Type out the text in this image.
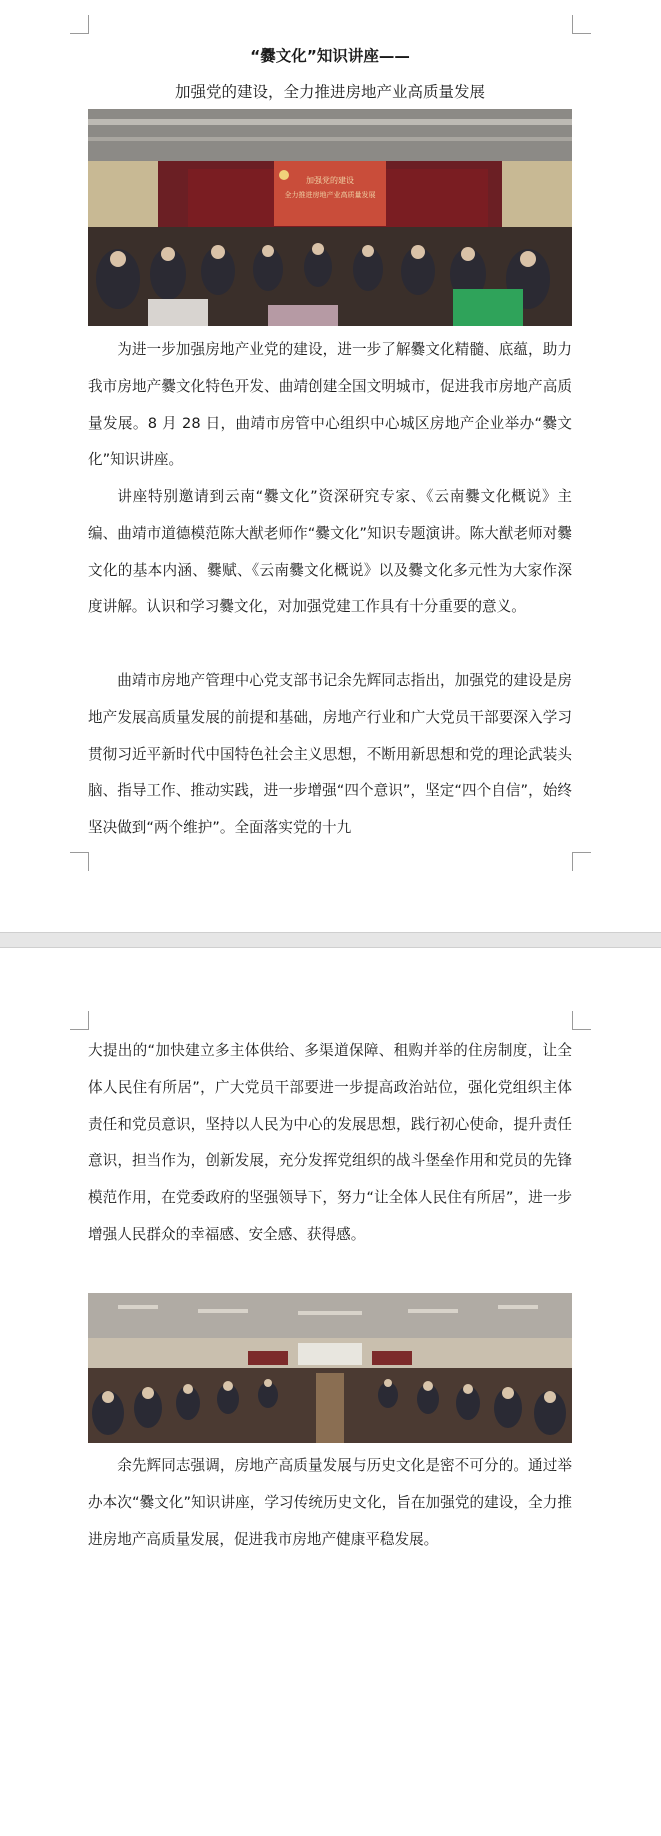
“爨文化”知识讲座——
加强党的建设，全力推进房地产业高质量发展
加强党的建设
全力推进房地产业高质量发展

为进一步加强房地产业党的建设，进一步了解爨文化精髓、底蕴，助力我市房地产爨文化特色开发、曲靖创建全国文明城市，促进我市房地产高质量发展。8 月 28 日，曲靖市房管中心组织中心城区房地产企业举办“爨文化”知识讲座。

讲座特别邀请到云南“爨文化”资深研究专家、《云南爨文化概说》主编、曲靖市道德模范陈大猷老师作“爨文化”知识专题演讲。陈大猷老师对爨文化的基本内涵、爨赋、《云南爨文化概说》以及爨文化多元性为大家作深度讲解。认识和学习爨文化，对加强党建工作具有十分重要的意义。

曲靖市房地产管理中心党支部书记余先辉同志指出，加强党的建设是房地产发展高质量发展的前提和基础，房地产行业和广大党员干部要深入学习贯彻习近平新时代中国特色社会主义思想，不断用新思想和党的理论武装头脑、指导工作、推动实践，进一步增强“四个意识”，坚定“四个自信”，始终坚决做到“两个维护”。全面落实党的十九

大提出的“加快建立多主体供给、多渠道保障、租购并举的住房制度，让全体人民住有所居”，广大党员干部要进一步提高政治站位，强化党组织主体责任和党员意识，坚持以人民为中心的发展思想，践行初心使命，提升责任意识，担当作为，创新发展，充分发挥党组织的战斗堡垒作用和党员的先锋模范作用，在党委政府的坚强领导下，努力“让全体人民住有所居”，进一步增强人民群众的幸福感、安全感、获得感。

余先辉同志强调，房地产高质量发展与历史文化是密不可分的。通过举办本次“爨文化”知识讲座，学习传统历史文化，旨在加强党的建设，全力推进房地产高质量发展，促进我市房地产健康平稳发展。
